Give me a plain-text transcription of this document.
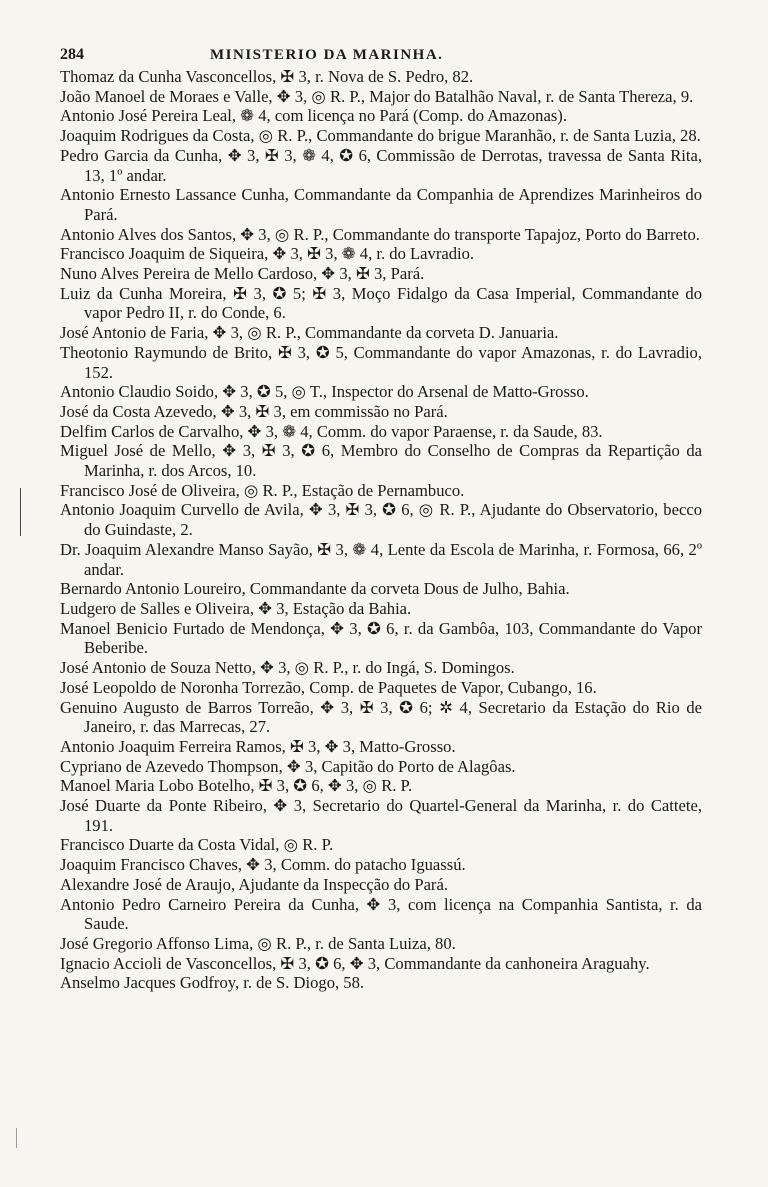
284	MINISTERIO DA MARINHA.
Thomaz da Cunha Vasconcellos, ✠ 3, r. Nova de S. Pedro, 82.
João Manoel de Moraes e Valle, ✥ 3, ◎ R. P., Major do Batalhão Naval, r. de Santa Thereza, 9.
Antonio José Pereira Leal, ❁ 4, com licença no Pará (Comp. do Amazonas).
Joaquim Rodrigues da Costa, ◎ R. P., Commandante do brigue Maranhão, r. de Santa Luzia, 28.
Pedro Garcia da Cunha, ✥ 3, ✠ 3, ❁ 4, ✪ 6, Commissão de Derrotas, travessa de Santa Rita, 13, 1º andar.
Antonio Ernesto Lassance Cunha, Commandante da Companhia de Aprendizes Marinheiros do Pará.
Antonio Alves dos Santos, ✥ 3, ◎ R. P., Commandante do transporte Tapajoz, Porto do Barreto.
Francisco Joaquim de Siqueira, ✥ 3, ✠ 3, ❁ 4, r. do Lavradio.
Nuno Alves Pereira de Mello Cardoso, ✥ 3, ✠ 3, Pará.
Luiz da Cunha Moreira, ✠ 3, ✪ 5; ✠ 3, Moço Fidalgo da Casa Imperial, Commandante do vapor Pedro II, r. do Conde, 6.
José Antonio de Faria, ✥ 3, ◎ R. P., Commandante da corveta D. Januaria.
Theotonio Raymundo de Brito, ✠ 3, ✪ 5, Commandante do vapor Amazonas, r. do Lavradio, 152.
Antonio Claudio Soido, ✥ 3, ✪ 5, ◎ T., Inspector do Arsenal de Matto-Grosso.
José da Costa Azevedo, ✥ 3, ✠ 3, em commissão no Pará.
Delfim Carlos de Carvalho, ✥ 3, ❁ 4, Comm. do vapor Paraense, r. da Saude, 83.
Miguel José de Mello, ✥ 3, ✠ 3, ✪ 6, Membro do Conselho de Compras da Repartição da Marinha, r. dos Arcos, 10.
Francisco José de Oliveira, ◎ R. P., Estação de Pernambuco.
Antonio Joaquim Curvello de Avila, ✥ 3, ✠ 3, ✪ 6, ◎ R. P., Ajudante do Observatorio, becco do Guindaste, 2.
Dr. Joaquim Alexandre Manso Sayão, ✠ 3, ❁ 4, Lente da Escola de Marinha, r. Formosa, 66, 2º andar.
Bernardo Antonio Loureiro, Commandante da corveta Dous de Julho, Bahia.
Ludgero de Salles e Oliveira, ✥ 3, Estação da Bahia.
Manoel Benicio Furtado de Mendonça, ✥ 3, ✪ 6, r. da Gambôa, 103, Commandante do Vapor Beberibe.
José Antonio de Souza Netto, ✥ 3, ◎ R. P., r. do Ingá, S. Domingos.
José Leopoldo de Noronha Torrezão, Comp. de Paquetes de Vapor, Cubango, 16.
Genuino Augusto de Barros Torreão, ✥ 3, ✠ 3, ✪ 6; ✲ 4, Secretario da Estação do Rio de Janeiro, r. das Marrecas, 27.
Antonio Joaquim Ferreira Ramos, ✠ 3, ✥ 3, Matto-Grosso.
Cypriano de Azevedo Thompson, ✥ 3, Capitão do Porto de Alagôas.
Manoel Maria Lobo Botelho, ✠ 3, ✪ 6, ✥ 3, ◎ R. P.
José Duarte da Ponte Ribeiro, ✥ 3, Secretario do Quartel-General da Marinha, r. do Cattete, 191.
Francisco Duarte da Costa Vidal, ◎ R. P.
Joaquim Francisco Chaves, ✥ 3, Comm. do patacho Iguassú.
Alexandre José de Araujo, Ajudante da Inspecção do Pará.
Antonio Pedro Carneiro Pereira da Cunha, ✥ 3, com licença na Companhia Santista, r. da Saude.
José Gregorio Affonso Lima, ◎ R. P., r. de Santa Luiza, 80.
Ignacio Accioli de Vasconcellos, ✠ 3, ✪ 6, ✥ 3, Commandante da canhoneira Araguahy.
Anselmo Jacques Godfroy, r. de S. Diogo, 58.
